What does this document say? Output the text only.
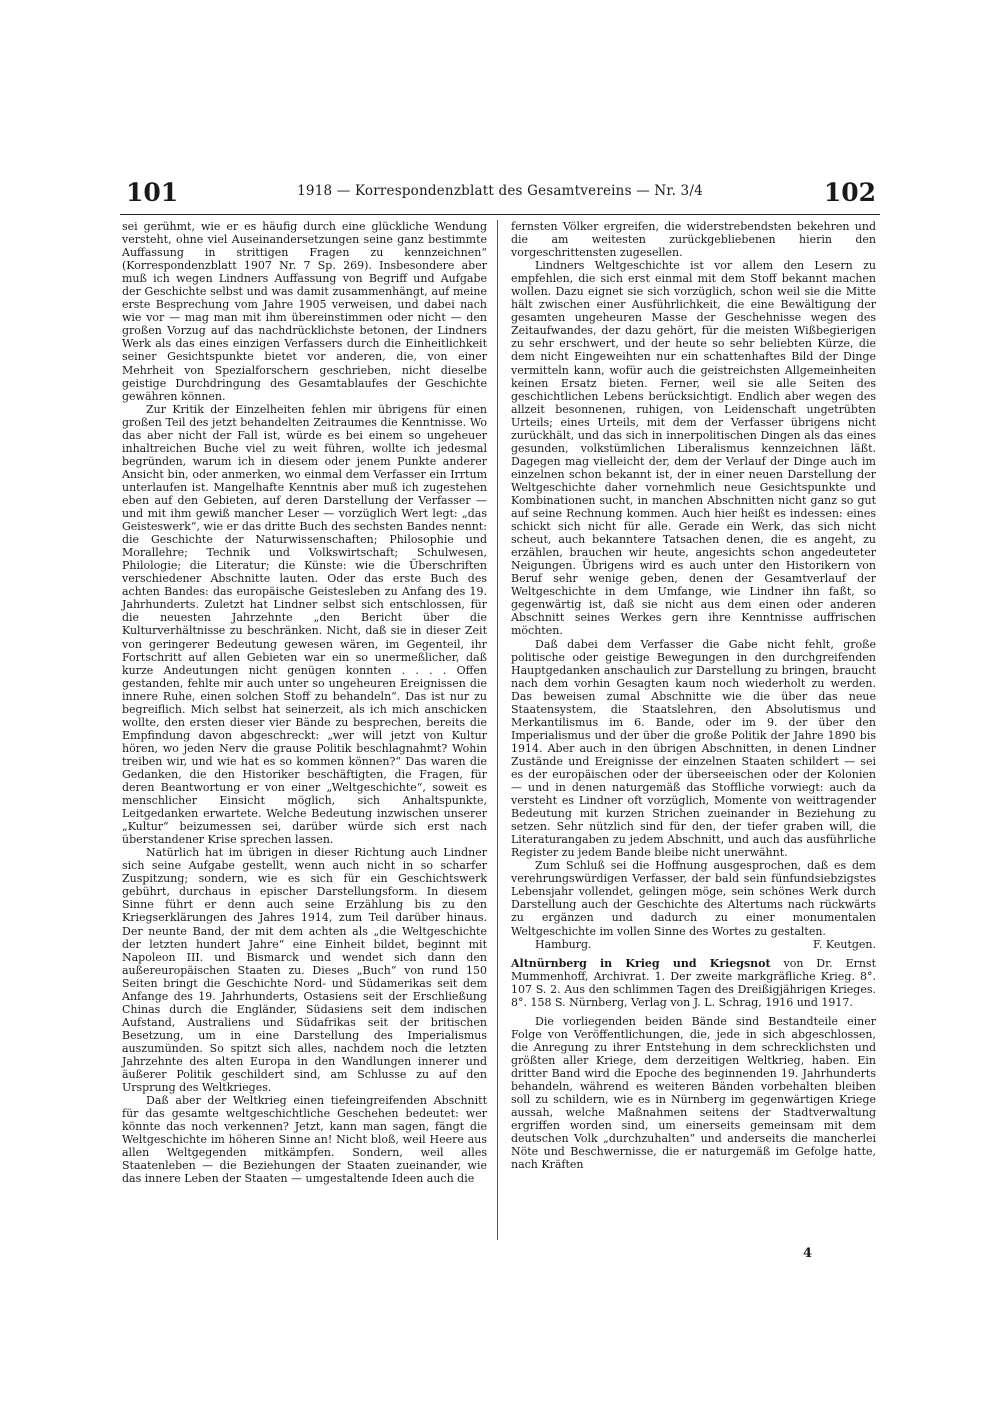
101	1918 — Korrespondenzblatt des Gesamtvereins — Nr. 3/4	102

sei gerühmt, wie er es häufig durch eine glückliche Wendung versteht, ohne viel Auseinandersetzungen seine ganz bestimmte Auffassung in strittigen Fragen zu kennzeichnen“ (Korrespondenzblatt 1907 Nr. 7 Sp. 269). Insbesondere aber muß ich wegen Lindners Auffassung von Begriff und Aufgabe der Geschichte selbst und was damit zusammenhängt, auf meine erste Besprechung vom Jahre 1905 verweisen, und dabei nach wie vor — mag man mit ihm übereinstimmen oder nicht — den großen Vorzug auf das nachdrücklichste betonen, der Lindners Werk als das eines einzigen Verfassers durch die Einheitlichkeit seiner Gesichtspunkte bietet vor anderen, die, von einer Mehrheit von Spezialforschern geschrieben, nicht dieselbe geistige Durchdringung des Gesamtablaufes der Geschichte gewähren können.

Zur Kritik der Einzelheiten fehlen mir übrigens für einen großen Teil des jetzt behandelten Zeitraumes die Kenntnisse. Wo das aber nicht der Fall ist, würde es bei einem so ungeheuer inhaltreichen Buche viel zu weit führen, wollte ich jedesmal begründen, warum ich in diesem oder jenem Punkte anderer Ansicht bin, oder anmerken, wo einmal dem Verfasser ein Irrtum unterlaufen ist. Mangelhafte Kenntnis aber muß ich zugestehen eben auf den Gebieten, auf deren Darstellung der Verfasser — und mit ihm gewiß mancher Leser — vorzüglich Wert legt: „das Geisteswerk“, wie er das dritte Buch des sechsten Bandes nennt: die Geschichte der Naturwissenschaften; Philosophie und Morallehre; Technik und Volkswirtschaft; Schulwesen, Philologie; die Literatur; die Künste: wie die Überschriften verschiedener Abschnitte lauten. Oder das erste Buch des achten Bandes: das europäische Geistesleben zu Anfang des 19. Jahrhunderts. Zuletzt hat Lindner selbst sich entschlossen, für die neuesten Jahrzehnte „den Bericht über die Kulturverhältnisse zu beschränken. Nicht, daß sie in dieser Zeit von geringerer Bedeutung gewesen wären, im Gegenteil, ihr Fortschritt auf allen Gebieten war ein so unermeßlicher, daß kurze Andeutungen nicht genügen konnten . . . . Offen gestanden, fehlte mir auch unter so ungeheuren Ereignissen die innere Ruhe, einen solchen Stoff zu behandeln“. Das ist nur zu begreiflich. Mich selbst hat seinerzeit, als ich mich anschicken wollte, den ersten dieser vier Bände zu besprechen, bereits die Empfindung davon abgeschreckt: „wer will jetzt von Kultur hören, wo jeden Nerv die grause Politik beschlagnahmt? Wohin treiben wir, und wie hat es so kommen können?“ Das waren die Gedanken, die den Historiker beschäftigten, die Fragen, für deren Beantwortung er von einer „Weltgeschichte“, soweit es menschlicher Einsicht möglich, sich Anhaltspunkte, Leitgedanken erwartete. Welche Bedeutung inzwischen unserer „Kultur“ beizumessen sei, darüber würde sich erst nach überstandener Krise sprechen lassen.

Natürlich hat im übrigen in dieser Richtung auch Lindner sich seine Aufgabe gestellt, wenn auch nicht in so scharfer Zuspitzung; sondern, wie es sich für ein Geschichtswerk gebührt, durchaus in epischer Darstellungsform. In diesem Sinne führt er denn auch seine Erzählung bis zu den Kriegserklärungen des Jahres 1914, zum Teil darüber hinaus. Der neunte Band, der mit dem achten als „die Weltgeschichte der letzten hundert Jahre“ eine Einheit bildet, beginnt mit Napoleon III. und Bismarck und wendet sich dann den außereuropäischen Staaten zu. Dieses „Buch“ von rund 150 Seiten bringt die Geschichte Nord- und Südamerikas seit dem Anfange des 19. Jahrhunderts, Ostasiens seit der Erschließung Chinas durch die Engländer, Südasiens seit dem indischen Aufstand, Australiens und Südafrikas seit der britischen Besetzung, um in eine Darstellung des Imperialismus auszumünden. So spitzt sich alles, nachdem noch die letzten Jahrzehnte des alten Europa in den Wandlungen innerer und äußerer Politik geschildert sind, am Schlusse zu auf den Ursprung des Weltkrieges.

Daß aber der Weltkrieg einen tiefeingreifenden Abschnitt für das gesamte weltgeschichtliche Geschehen bedeutet: wer könnte das noch verkennen? Jetzt, kann man sagen, fängt die Weltgeschichte im höheren Sinne an! Nicht bloß, weil Heere aus allen Weltgegenden mitkämpfen. Sondern, weil alles Staatenleben — die Beziehungen der Staaten zueinander, wie das innere Leben der Staaten — umgestaltende Ideen auch die

fernsten Völker ergreifen, die widerstrebendsten bekehren und die am weitesten zurückgebliebenen hierin den vorgeschrittensten zugesellen.

Lindners Weltgeschichte ist vor allem den Lesern zu empfehlen, die sich erst einmal mit dem Stoff bekannt machen wollen. Dazu eignet sie sich vorzüglich, schon weil sie die Mitte hält zwischen einer Ausführlichkeit, die eine Bewältigung der gesamten ungeheuren Masse der Geschehnisse wegen des Zeitaufwandes, der dazu gehört, für die meisten Wißbegierigen zu sehr erschwert, und der heute so sehr beliebten Kürze, die dem nicht Eingeweihten nur ein schattenhaftes Bild der Dinge vermitteln kann, wofür auch die geistreichsten Allgemeinheiten keinen Ersatz bieten. Ferner, weil sie alle Seiten des geschichtlichen Lebens berücksichtigt. Endlich aber wegen des allzeit besonnenen, ruhigen, von Leidenschaft ungetrübten Urteils; eines Urteils, mit dem der Verfasser übrigens nicht zurückhält, und das sich in innerpolitischen Dingen als das eines gesunden, volkstümlichen Liberalismus kennzeichnen läßt. Dagegen mag vielleicht der, dem der Verlauf der Dinge auch im einzelnen schon bekannt ist, der in einer neuen Darstellung der Weltgeschichte daher vornehmlich neue Gesichtspunkte und Kombinationen sucht, in manchen Abschnitten nicht ganz so gut auf seine Rechnung kommen. Auch hier heißt es indessen: eines schickt sich nicht für alle. Gerade ein Werk, das sich nicht scheut, auch bekanntere Tatsachen denen, die es angeht, zu erzählen, brauchen wir heute, angesichts schon angedeuteter Neigungen. Übrigens wird es auch unter den Historikern von Beruf sehr wenige geben, denen der Gesamtverlauf der Weltgeschichte in dem Umfange, wie Lindner ihn faßt, so gegenwärtig ist, daß sie nicht aus dem einen oder anderen Abschnitt seines Werkes gern ihre Kenntnisse auffrischen möchten.

Daß dabei dem Verfasser die Gabe nicht fehlt, große politische oder geistige Bewegungen in den durchgreifenden Hauptgedanken anschaulich zur Darstellung zu bringen, braucht nach dem vorhin Gesagten kaum noch wiederholt zu werden. Das beweisen zumal Abschnitte wie die über das neue Staatensystem, die Staatslehren, den Absolutismus und Merkantilismus im 6. Bande, oder im 9. der über den Imperialismus und der über die große Politik der Jahre 1890 bis 1914. Aber auch in den übrigen Abschnitten, in denen Lindner Zustände und Ereignisse der einzelnen Staaten schildert — sei es der europäischen oder der überseeischen oder der Kolonien — und in denen naturgemäß das Stoffliche vorwiegt: auch da versteht es Lindner oft vorzüglich, Momente von weittragender Bedeutung mit kurzen Strichen zueinander in Beziehung zu setzen. Sehr nützlich sind für den, der tiefer graben will, die Literaturangaben zu jedem Abschnitt, und auch das ausführliche Register zu jedem Bande bleibe nicht unerwähnt.

Zum Schluß sei die Hoffnung ausgesprochen, daß es dem verehrungswürdigen Verfasser, der bald sein fünfundsiebzigstes Lebensjahr vollendet, gelingen möge, sein schönes Werk durch Darstellung auch der Geschichte des Altertums nach rückwärts zu ergänzen und dadurch zu einer monumentalen Weltgeschichte im vollen Sinne des Wortes zu gestalten.

Hamburg.	F. Keutgen.

Altnürnberg in Krieg und Kriegsnot von Dr. Ernst Mummenhoff, Archivrat. 1. Der zweite markgräfliche Krieg. 8°. 107 S. 2. Aus den schlimmen Tagen des Dreißigjährigen Krieges. 8°. 158 S. Nürnberg, Verlag von J. L. Schrag, 1916 und 1917.

Die vorliegenden beiden Bände sind Bestandteile einer Folge von Veröffentlichungen, die, jede in sich abgeschlossen, die Anregung zu ihrer Entstehung in dem schrecklichsten und größten aller Kriege, dem derzeitigen Weltkrieg, haben. Ein dritter Band wird die Epoche des beginnenden 19. Jahrhunderts behandeln, während es weiteren Bänden vorbehalten bleiben soll zu schildern, wie es in Nürnberg im gegenwärtigen Kriege aussah, welche Maßnahmen seitens der Stadtverwaltung ergriffen worden sind, um einerseits gemeinsam mit dem deutschen Volk „durchzuhalten“ und anderseits die mancherlei Nöte und Beschwernisse, die er naturgemäß im Gefolge hatte, nach Kräften

4
